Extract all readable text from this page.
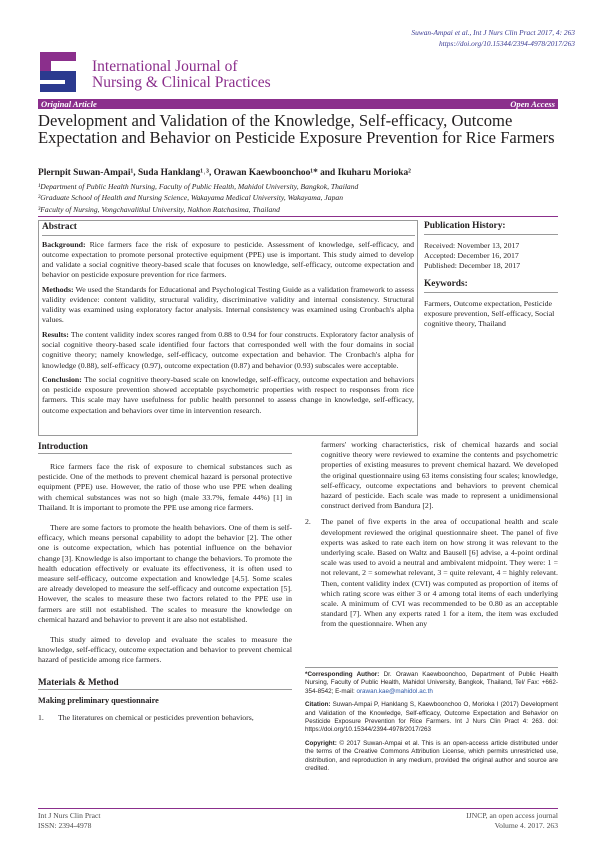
Suwan-Ampai et al., Int J Nurs Clin Pract 2017, 4: 263
https://doi.org/10.15344/2394-4978/2017/263
GRAPHY
International Journal of
Nursing & Clinical Practices
Original Article	Open Access
Development and Validation of the Knowledge, Self-efficacy, Outcome Expectation and Behavior on Pesticide Exposure Prevention for Rice Farmers
Plernpit Suwan-Ampai¹, Suda Hanklang¹˒³, Orawan Kaewboonchoo¹* and Ikuharu Morioka²
¹Department of Public Health Nursing, Faculty of Public Health, Mahidol University, Bangkok, Thailand
²Graduate School of Health and Nursing Science, Wakayama Medical University, Wakayama, Japan
³Faculty of Nursing, Vongchavalitkul University, Nakhon Ratchasima, Thailand
Abstract

Background: Rice farmers face the risk of exposure to pesticide. Assessment of knowledge, self-efficacy, and outcome expectation to promote personal protective equipment (PPE) use is important. This study aimed to develop and validate a social cognitive theory-based scale that focuses on knowledge, self-efficacy, outcome expectation and behavior on pesticide exposure prevention for rice farmers.

Methods: We used the Standards for Educational and Psychological Testing Guide as a validation framework to assess validity evidence: content validity, structural validity, discriminative validity and internal consistency. Structural validity was examined using exploratory factor analysis. Internal consistency was examined using Cronbach's alpha values.

Results: The content validity index scores ranged from 0.88 to 0.94 for four constructs. Exploratory factor analysis of social cognitive theory-based scale identified four factors that corresponded well with the four domains in social cognitive theory; namely knowledge, self-efficacy, outcome expectation and behavior. The Cronbach's alpha for knowledge (0.88), self-efficacy (0.97), outcome expectation (0.87) and behavior (0.93) subscales were acceptable.

Conclusion: The social cognitive theory-based scale on knowledge, self-efficacy, outcome expectation and behaviors on pesticide exposure prevention showed acceptable psychometric properties with respect to responses from rice farmers. This scale may have usefulness for public health personnel to assess change in knowledge, self-efficacy, outcome expectation and behaviors over time in intervention research.

Publication History:
Received: November 13, 2017
Accepted: December 16, 2017
Published: December 18, 2017
Keywords:
Farmers, Outcome expectation, Pesticide exposure prevention, Self-efficacy, Social cognitive theory, Thailand
Introduction

Rice farmers face the risk of exposure to chemical substances such as pesticide. One of the methods to prevent chemical hazard is personal protective equipment (PPE) use. However, the ratio of those who use PPE when dealing with chemical substances was not so high (male 33.7%, female 44%) [1] in Thailand. It is important to promote the PPE use among rice farmers.

There are some factors to promote the health behaviors. One of them is self-efficacy, which means personal capability to adopt the behavior [2]. The other one is outcome expectation, which has potential influence on the behavior change [3]. Knowledge is also important to change the behaviors. To promote the health education effectively or evaluate its effectiveness, it is often used to measure self-efficacy, outcome expectation and knowledge [4,5]. Some scales are already developed to measure the self-efficacy and outcome expectation [5]. However, the scales to measure these two factors related to the PPE use in farmers are still not established. The scales to measure the knowledge on chemical hazard and behavior to prevent it are also not established.

This study aimed to develop and evaluate the scales to measure the knowledge, self-efficacy, outcome expectation and behavior to prevent chemical hazard of pesticide among rice farmers.

Materials & Method
Making preliminary questionnaire
1. The literatures on chemical or pesticides prevention behaviors,

farmers' working characteristics, risk of chemical hazards and social cognitive theory were reviewed to examine the contents and psychometric properties of existing measures to prevent chemical hazard. We developed the original questionnaire using 63 items consisting four scales; knowledge, self-efficacy, outcome expectations and behaviors to prevent chemical hazard of pesticide. Each scale was made to represent a unidimensional construct derived from Bandura [2].

2. The panel of five experts in the area of occupational health and scale development reviewed the original questionnaire sheet. The panel of five experts was asked to rate each item on how strong it was relevant to the underlying scale. Based on Waltz and Bausell [6] advise, a 4-point ordinal scale was used to avoid a neutral and ambivalent midpoint. They were: 1 = not relevant, 2 = somewhat relevant, 3 = quite relevant, 4 = highly relevant. Then, content validity index (CVI) was computed as proportion of items of which rating score was either 3 or 4 among total items of each underlying scale. A minimum of CVI was recommended to be 0.80 as an acceptable standard [7]. When any experts rated 1 for a item, the item was excluded from the questionnaire. When any

*Corresponding Author: Dr. Orawan Kaewboonchoo, Department of Public Health Nursing, Faculty of Public Health, Mahidol University, Bangkok, Thailand, Tel/ Fax: +662-354-8542; E-mail: orawan.kae@mahidol.ac.th

Citation: Suwan-Ampai P, Hanklang S, Kaewboonchoo O, Morioka I (2017) Development and Validation of the Knowledge, Self-efficacy, Outcome Expectation and Behavior on Pesticide Exposure Prevention for Rice Farmers. Int J Nurs Clin Pract 4: 263. doi: https://doi.org/10.15344/2394-4978/2017/263

Copyright: © 2017 Suwan-Ampai et al. This is an open-access article distributed under the terms of the Creative Commons Attribution License, which permits unrestricted use, distribution, and reproduction in any medium, provided the original author and source are credited.

Int J Nurs Clin Pract
ISSN: 2394-4978
IJNCP, an open access journal
Volume 4. 2017. 263
